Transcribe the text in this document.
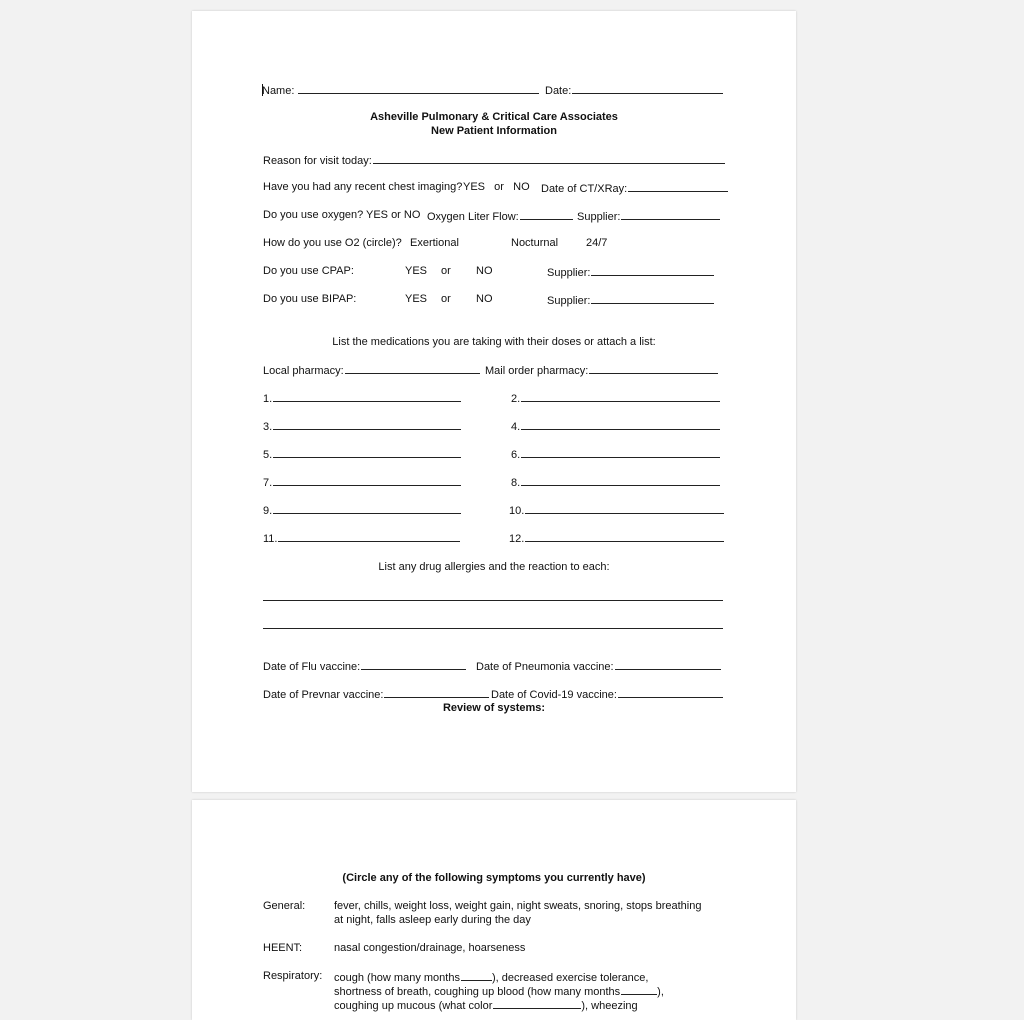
Name:	Date:
Asheville Pulmonary & Critical Care Associates
New Patient Information
Reason for visit today:
Have you had any recent chest imaging? YES   or   NO Date of CT/XRay:
Do you use oxygen? YES or NO Oxygen Liter Flow:	Supplier:
How do you use O2 (circle)? Exertional	Nocturnal	24/7
Do you use CPAP:	YES or NO	Supplier:
Do you use BIPAP:	YES or NO	Supplier:
List the medications you are taking with their doses or attach a list:
Local pharmacy:	Mail order pharmacy:
1.	2.
3.	4.
5.	6.
7.	8.
9.	10.
11.	12.
List any drug allergies and the reaction to each:
Date of Flu vaccine:	Date of Pneumonia vaccine:
Date of Prevnar vaccine:	Date of Covid-19 vaccine:
Review of systems:
(Circle any of the following symptoms you currently have)
General:	fever, chills, weight loss, weight gain, night sweats, snoring, stops breathing
at night, falls asleep early during the day
HEENT:	nasal congestion/drainage, hoarseness
Respiratory: cough (how many months	), decreased exercise tolerance,
shortness of breath, coughing up blood (how many months	),
coughing up mucous (what color	), wheezing
